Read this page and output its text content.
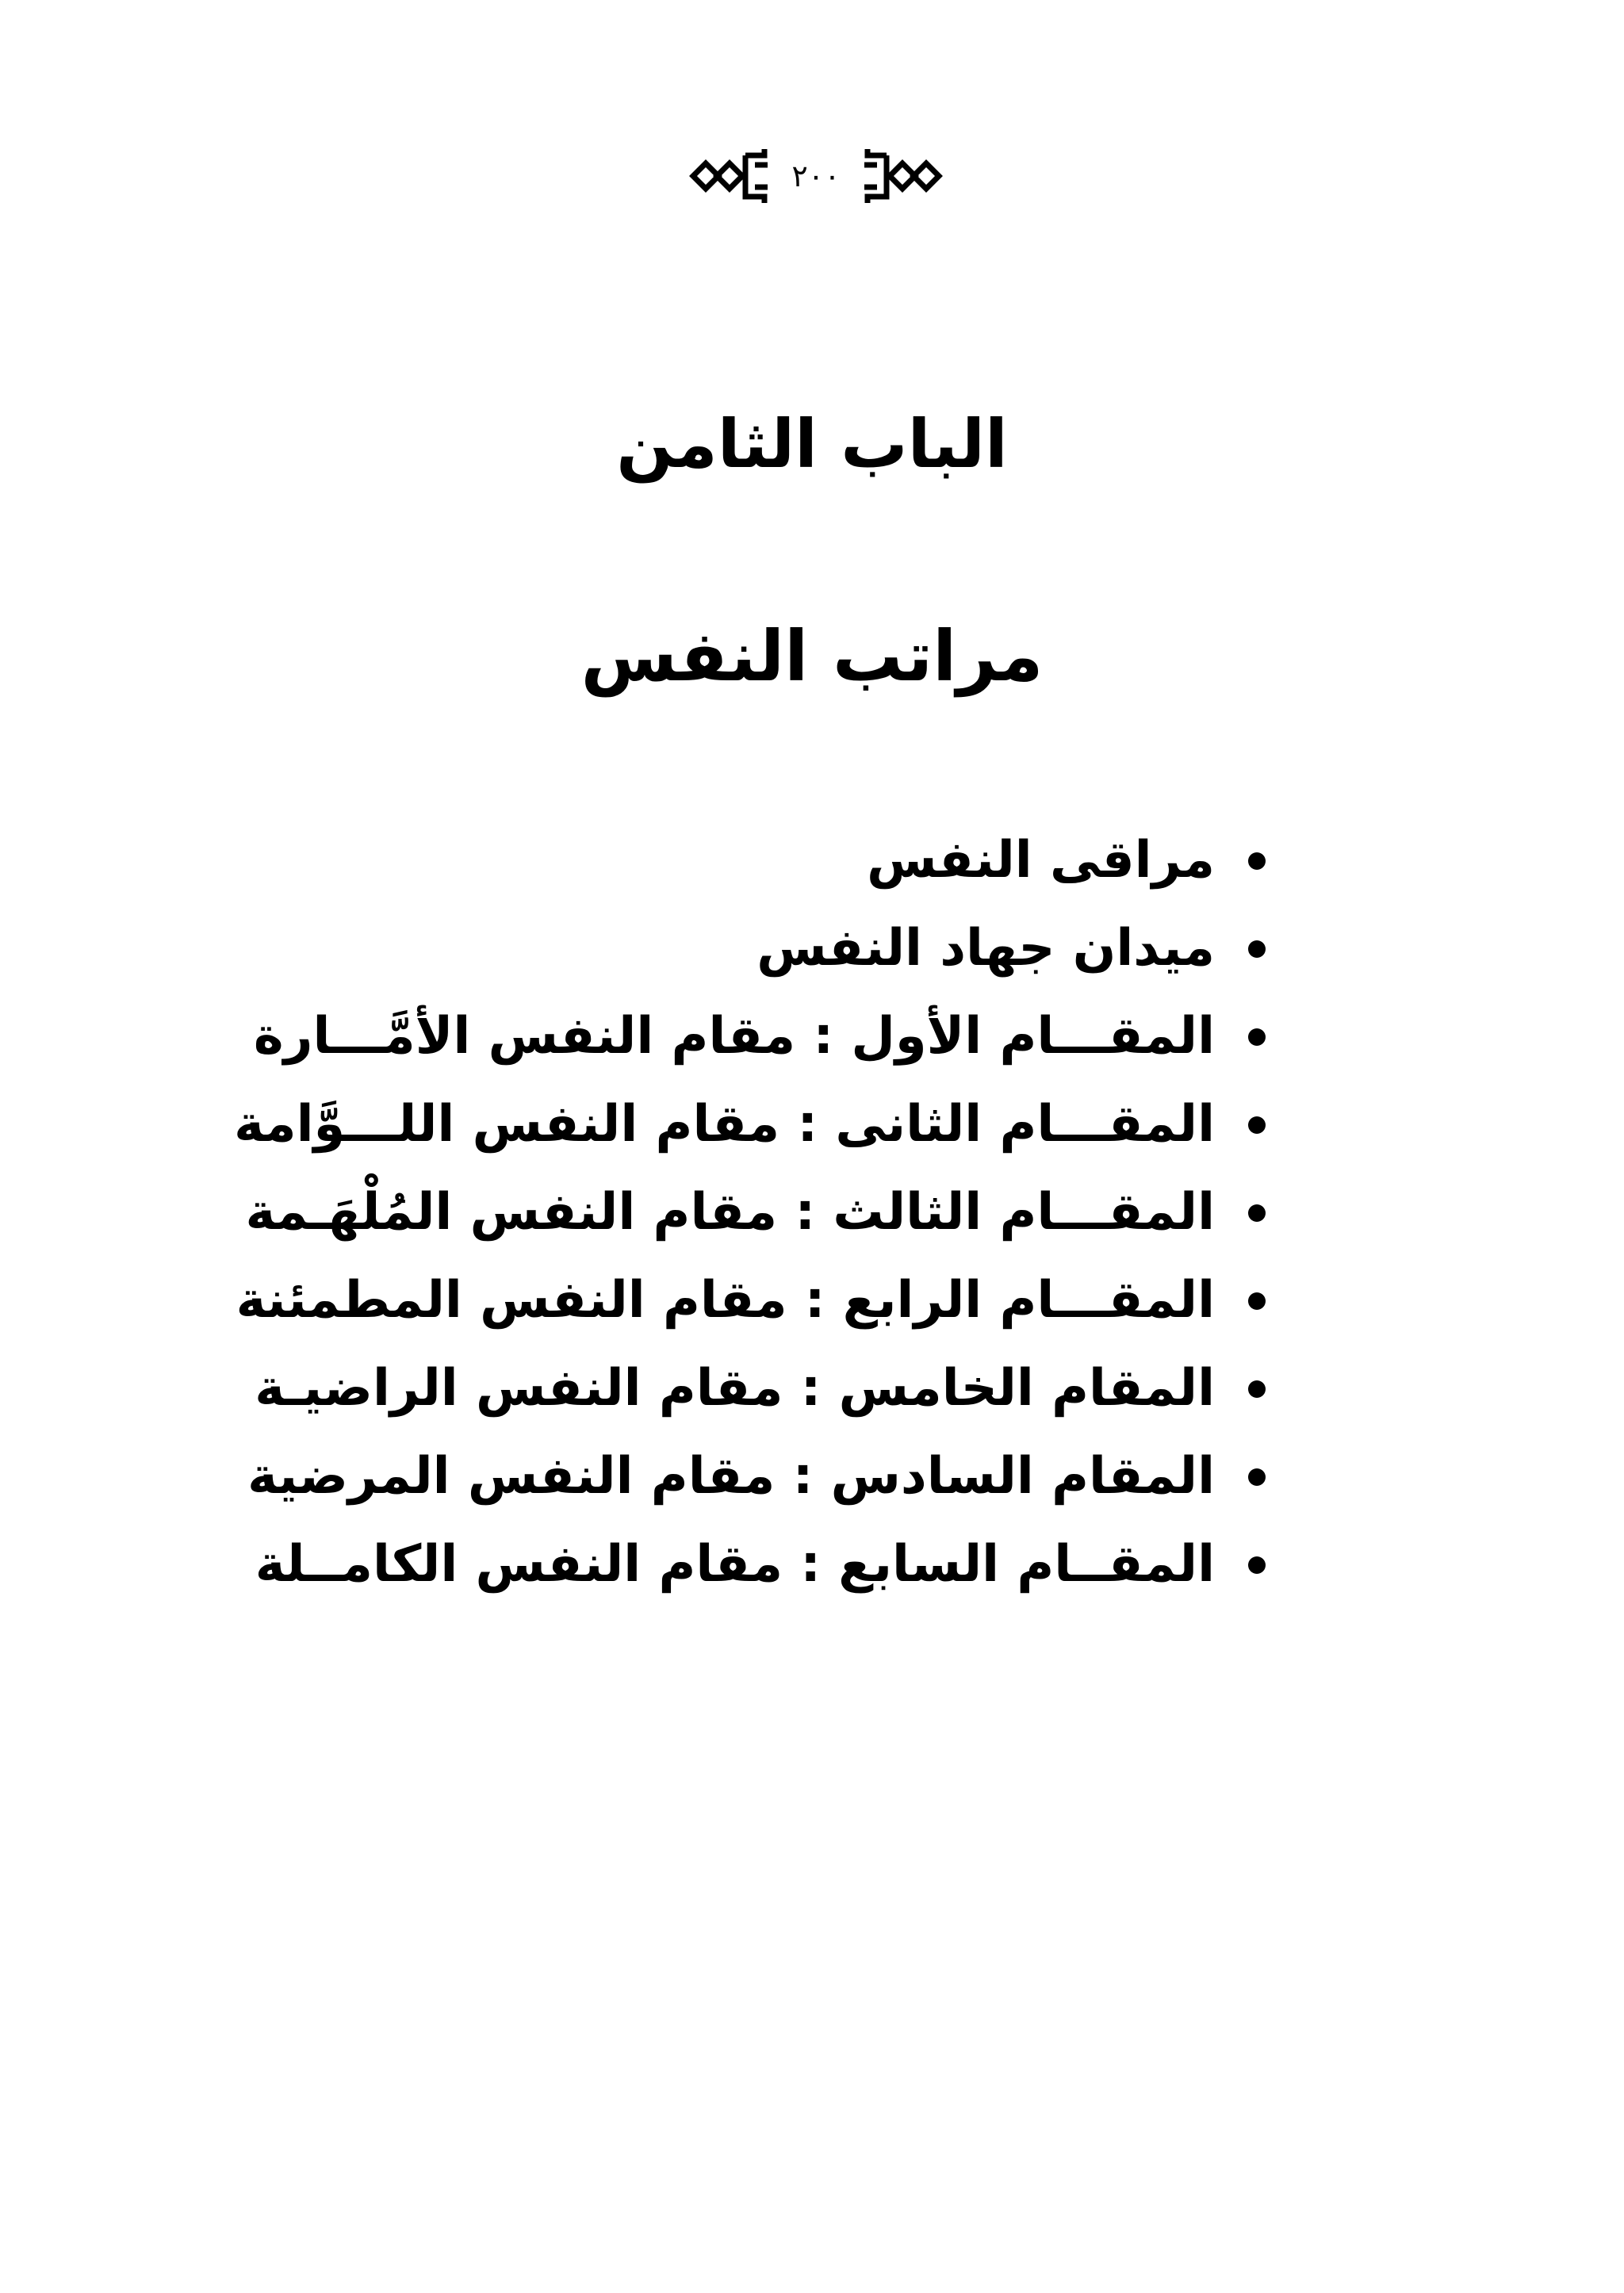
٢٠٠
الباب الثامن
مراتب النفس
مراقى النفس
ميدان جهاد النفس
المقـــام الأول : مقام النفس الأمَّـــارة
المقـــام الثانى : مقام النفس اللـــوَّامة
المقـــام الثالث : مقام النفس المُلْهَـمة
المقـــام الرابع : مقام النفس المطمئنة
المقام الخامس : مقام النفس الراضيـة
المقام السادس : مقام النفس المرضية
المقــام السابع : مقام النفس الكامــلة
